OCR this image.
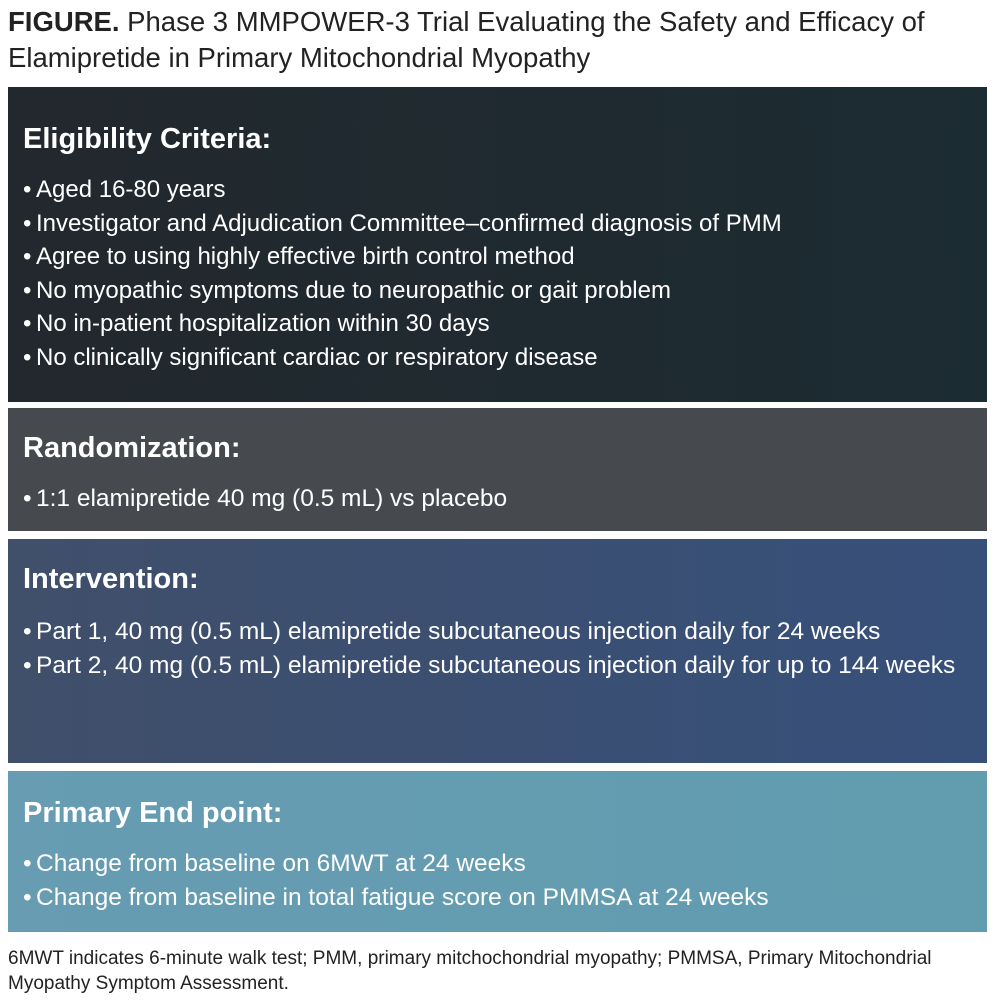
FIGURE. Phase 3 MMPOWER-3 Trial Evaluating the Safety and Efficacy of Elamipretide in Primary Mitochondrial Myopathy
Eligibility Criteria:
• Aged 16-80 years
• Investigator and Adjudication Committee–confirmed diagnosis of PMM
• Agree to using highly effective birth control method
• No myopathic symptoms due to neuropathic or gait problem
• No in-patient hospitalization within 30 days
• No clinically significant cardiac or respiratory disease
Randomization:
• 1:1 elamipretide 40 mg (0.5 mL) vs placebo
Intervention:
• Part 1, 40 mg (0.5 mL) elamipretide subcutaneous injection daily for 24 weeks
• Part 2, 40 mg (0.5 mL) elamipretide subcutaneous injection daily for up to 144 weeks
Primary End point:
• Change from baseline on 6MWT at 24 weeks
• Change from baseline in total fatigue score on PMMSA at 24 weeks
6MWT indicates 6-minute walk test; PMM, primary mitchochondrial myopathy; PMMSA, Primary Mitochondrial Myopathy Symptom Assessment.
